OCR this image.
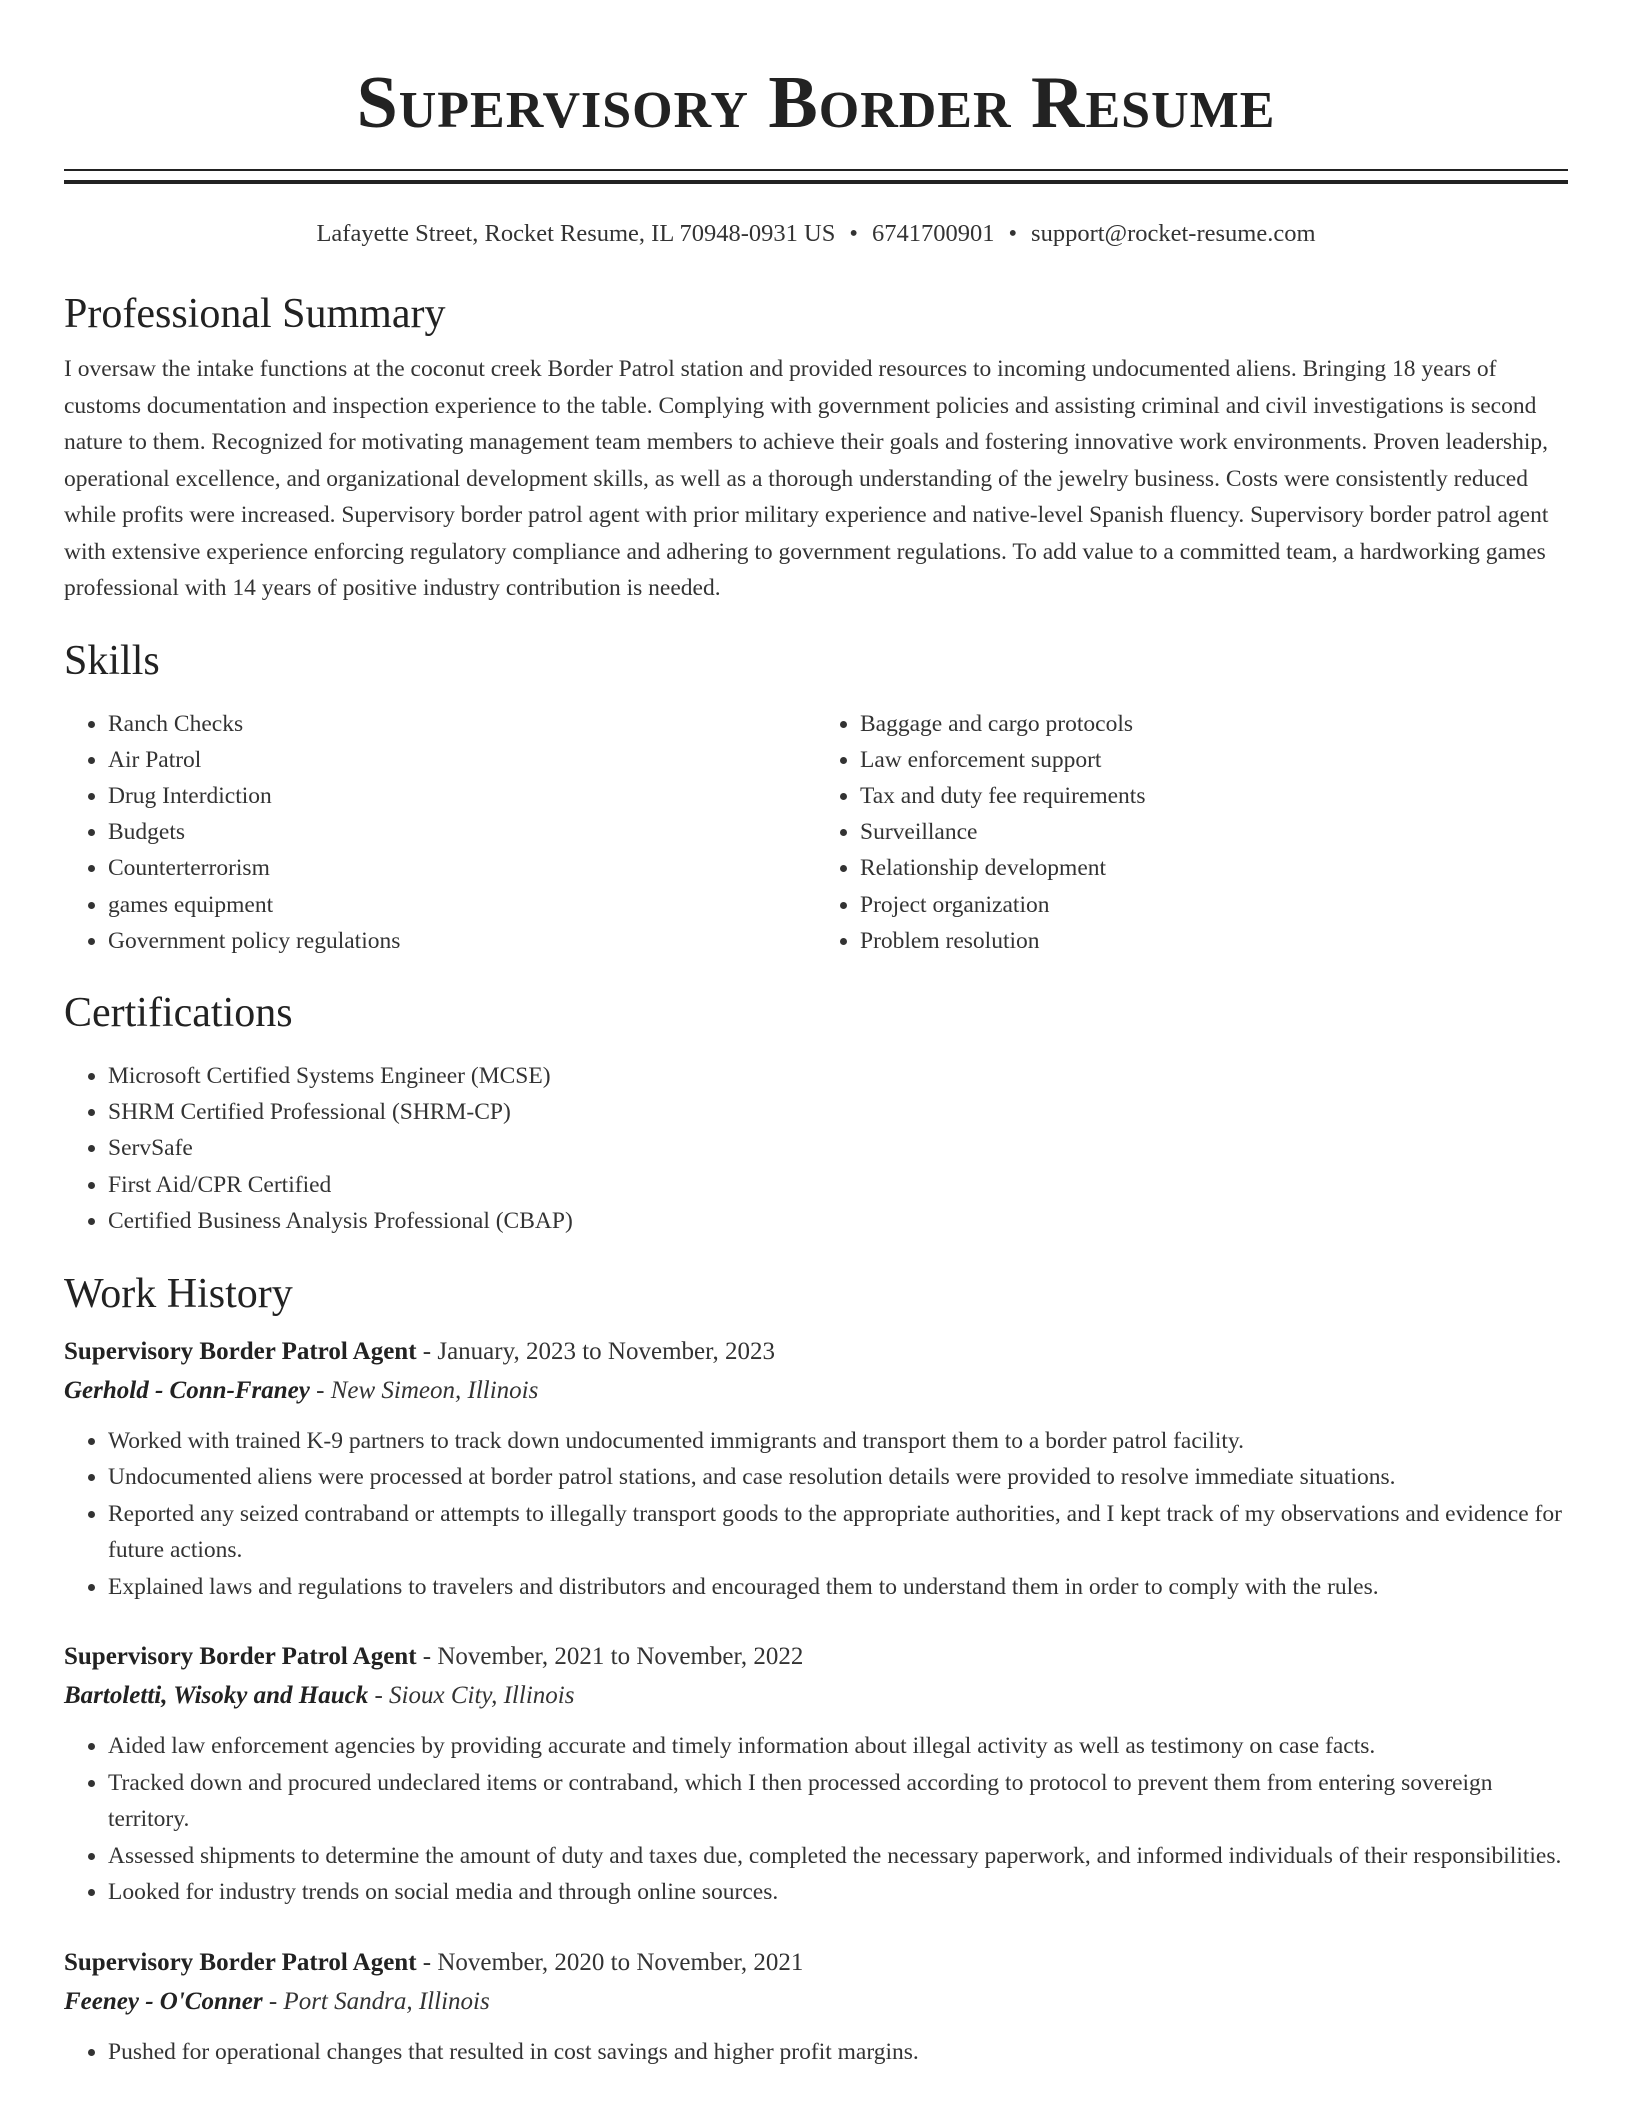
Supervisory Border Resume
Lafayette Street, Rocket Resume, IL 70948-0931 US • 6741700901 • support@rocket-resume.com
Professional Summary
I oversaw the intake functions at the coconut creek Border Patrol station and provided resources to incoming undocumented aliens. Bringing 18 years of customs documentation and inspection experience to the table. Complying with government policies and assisting criminal and civil investigations is second nature to them. Recognized for motivating management team members to achieve their goals and fostering innovative work environments. Proven leadership, operational excellence, and organizational development skills, as well as a thorough understanding of the jewelry business. Costs were consistently reduced while profits were increased. Supervisory border patrol agent with prior military experience and native-level Spanish fluency. Supervisory border patrol agent with extensive experience enforcing regulatory compliance and adhering to government regulations. To add value to a committed team, a hardworking games professional with 14 years of positive industry contribution is needed.
Skills
• Ranch Checks
• Air Patrol
• Drug Interdiction
• Budgets
• Counterterrorism
• games equipment
• Government policy regulations
• Baggage and cargo protocols
• Law enforcement support
• Tax and duty fee requirements
• Surveillance
• Relationship development
• Project organization
• Problem resolution
Certifications
• Microsoft Certified Systems Engineer (MCSE)
• SHRM Certified Professional (SHRM-CP)
• ServSafe
• First Aid/CPR Certified
• Certified Business Analysis Professional (CBAP)
Work History
Supervisory Border Patrol Agent - January, 2023 to November, 2023
Gerhold - Conn-Franey - New Simeon, Illinois
• Worked with trained K-9 partners to track down undocumented immigrants and transport them to a border patrol facility.
• Undocumented aliens were processed at border patrol stations, and case resolution details were provided to resolve immediate situations.
• Reported any seized contraband or attempts to illegally transport goods to the appropriate authorities, and I kept track of my observations and evidence for future actions.
• Explained laws and regulations to travelers and distributors and encouraged them to understand them in order to comply with the rules.
Supervisory Border Patrol Agent - November, 2021 to November, 2022
Bartoletti, Wisoky and Hauck - Sioux City, Illinois
• Aided law enforcement agencies by providing accurate and timely information about illegal activity as well as testimony on case facts.
• Tracked down and procured undeclared items or contraband, which I then processed according to protocol to prevent them from entering sovereign territory.
• Assessed shipments to determine the amount of duty and taxes due, completed the necessary paperwork, and informed individuals of their responsibilities.
• Looked for industry trends on social media and through online sources.
Supervisory Border Patrol Agent - November, 2020 to November, 2021
Feeney - O'Conner - Port Sandra, Illinois
• Pushed for operational changes that resulted in cost savings and higher profit margins.
